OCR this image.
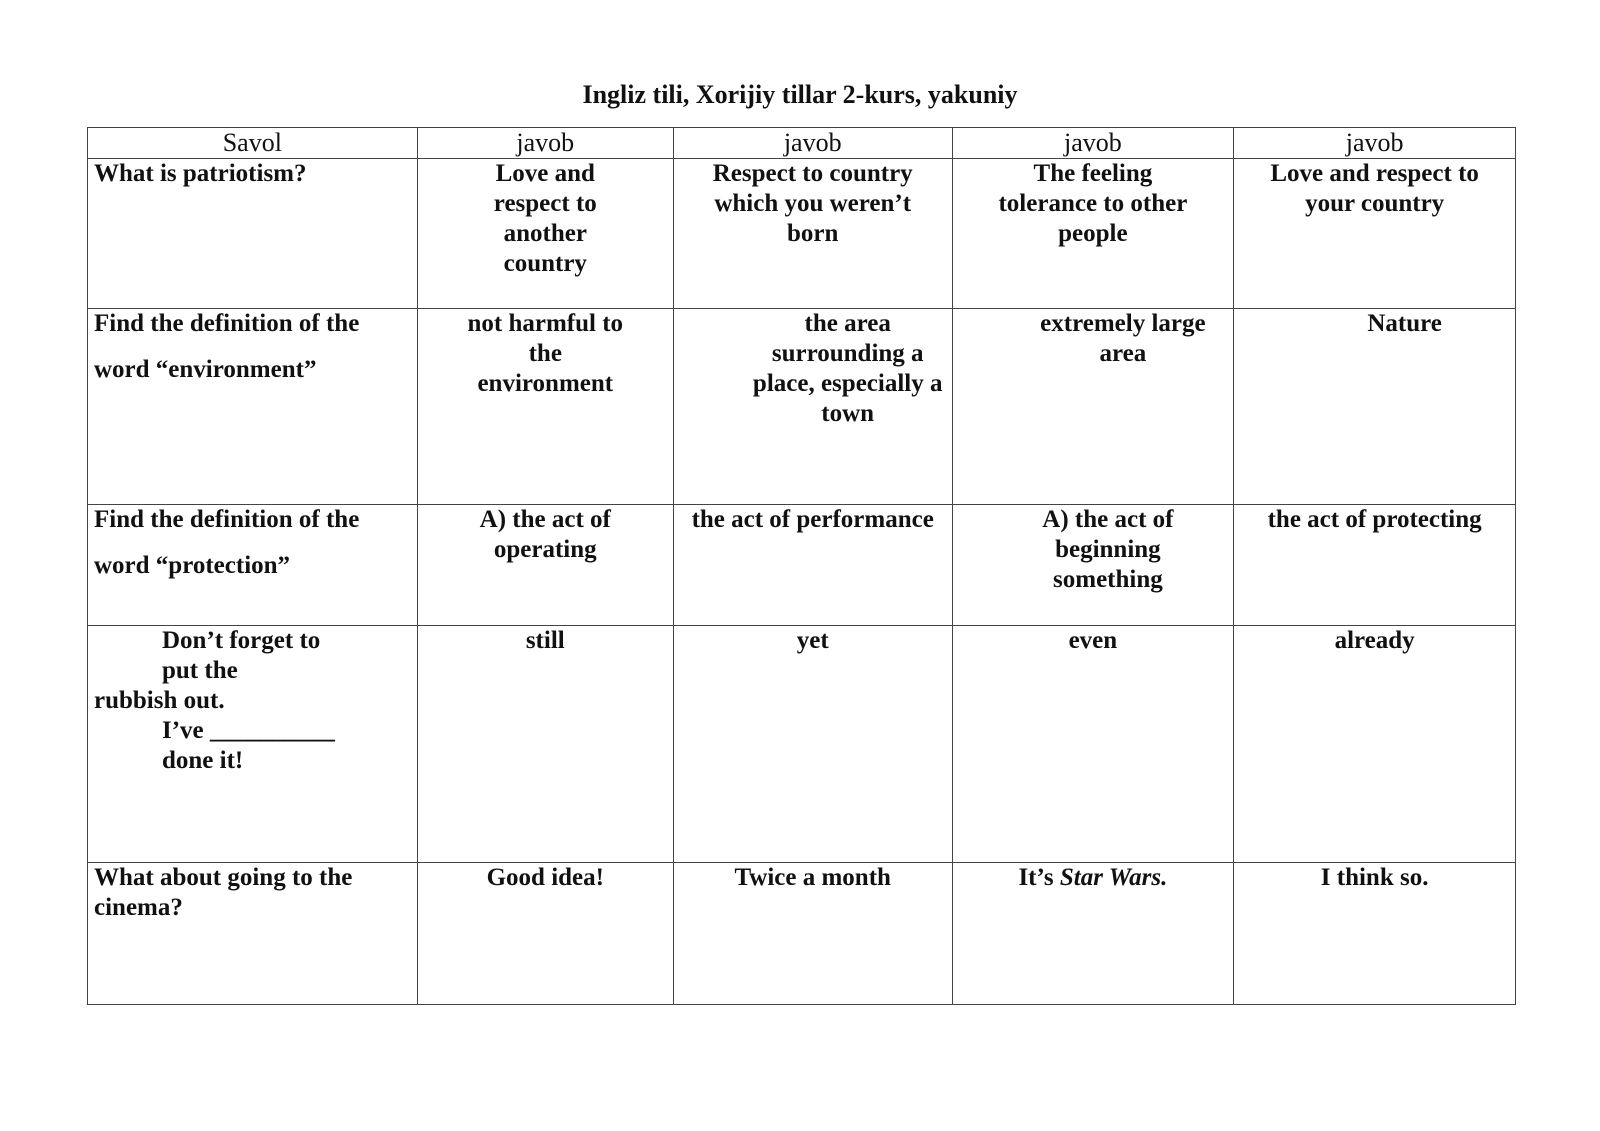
Ingliz tili, Xorijiy tillar 2-kurs, yakuniy
Savol	javob	javob	javob	javob
What is patriotism?	Love and respect to another country	Respect to country which you weren’t born	The feeling tolerance to other people	Love and respect to your country

Find the definition of the word “environment”	not harmful to the environment	the area surrounding a place, especially a town	extremely large area	Nature

Find the definition of the word “protection”	A) the act of operating	the act of performance	A) the act of beginning something	the act of protecting

Don’t forget to
put the
rubbish out.
I’ve __________
done it!	still	yet	even	already

What about going to the cinema?	Good idea!	Twice a month	It’s Star Wars.	I think so.
